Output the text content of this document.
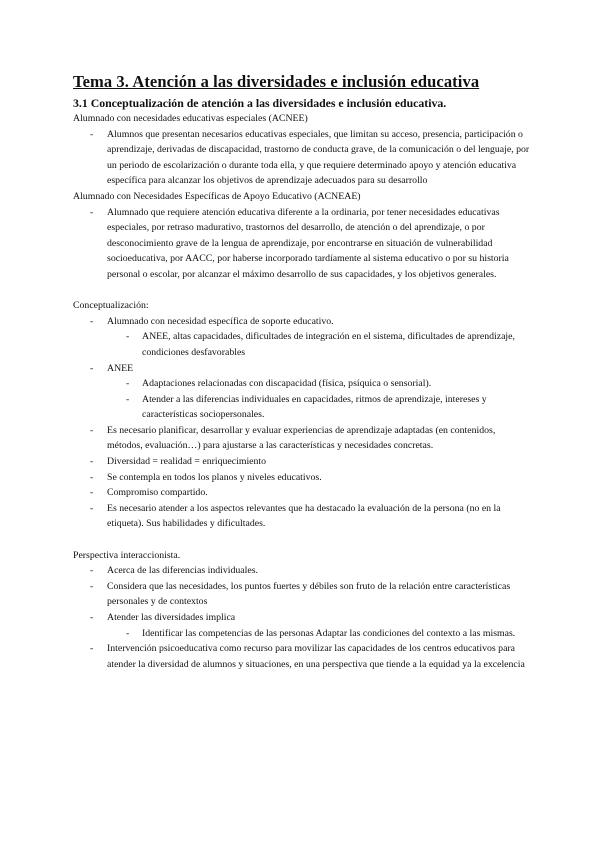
Tema 3. Atención a las diversidades e inclusión educativa
3.1 Conceptualización de atención a las diversidades e inclusión educativa.

Alumnado con necesidades educativas especiales (ACNEE)

- Alumnos que presentan necesarios educativas especiales, que limitan su acceso, presencia, participación o aprendizaje, derivadas de discapacidad, trastorno de conducta grave, de la comunicación o del lenguaje, por un periodo de escolarización o durante toda ella, y que requiere determinado apoyo y atención educativa específica para alcanzar los objetivos de aprendizaje adecuados para su desarrollo

Alumnado con Necesidades Específicas de Apoyo Educativo (ACNEAE)

- Alumnado que requiere atención educativa diferente a la ordinaria, por tener necesidades educativas especiales, por retraso madurativo, trastornos del desarrollo, de atención o del aprendizaje, o por desconocimiento grave de la lengua de aprendizaje, por encontrarse en situación de vulnerabilidad socioeducativa, por AACC, por haberse incorporado tardíamente al sistema educativo o por su historia personal o escolar, por alcanzar el máximo desarrollo de sus capacidades, y los objetivos generales.

Conceptualización:

- Alumnado con necesidad específica de soporte educativo.
- ANEE, altas capacidades, dificultades de integración en el sistema, dificultades de aprendizaje, condiciones desfavorables
- ANEE
- Adaptaciones relacionadas con discapacidad (física, psíquica o sensorial).
- Atender a las diferencias individuales en capacidades, ritmos de aprendizaje, intereses y características sociopersonales.
- Es necesario planificar, desarrollar y evaluar experiencias de aprendizaje adaptadas (en contenidos, métodos, evaluación…) para ajustarse a las características y necesidades concretas.
- Diversidad = realidad = enriquecimiento
- Se contempla en todos los planos y niveles educativos.
- Compromiso compartido.
- Es necesario atender a los aspectos relevantes que ha destacado la evaluación de la persona (no en la etiqueta). Sus habilidades y dificultades.

Perspectiva interaccionista.

- Acerca de las diferencias individuales.
- Considera que las necesidades, los puntos fuertes y débiles son fruto de la relación entre características personales y de contextos
- Atender las diversidades implica
- Identificar las competencias de las personas Adaptar las condiciones del contexto a las mismas.
- Intervención psicoeducativa como recurso para movilizar las capacidades de los centros educativos para atender la diversidad de alumnos y situaciones, en una perspectiva que tiende a la equidad ya la excelencia
